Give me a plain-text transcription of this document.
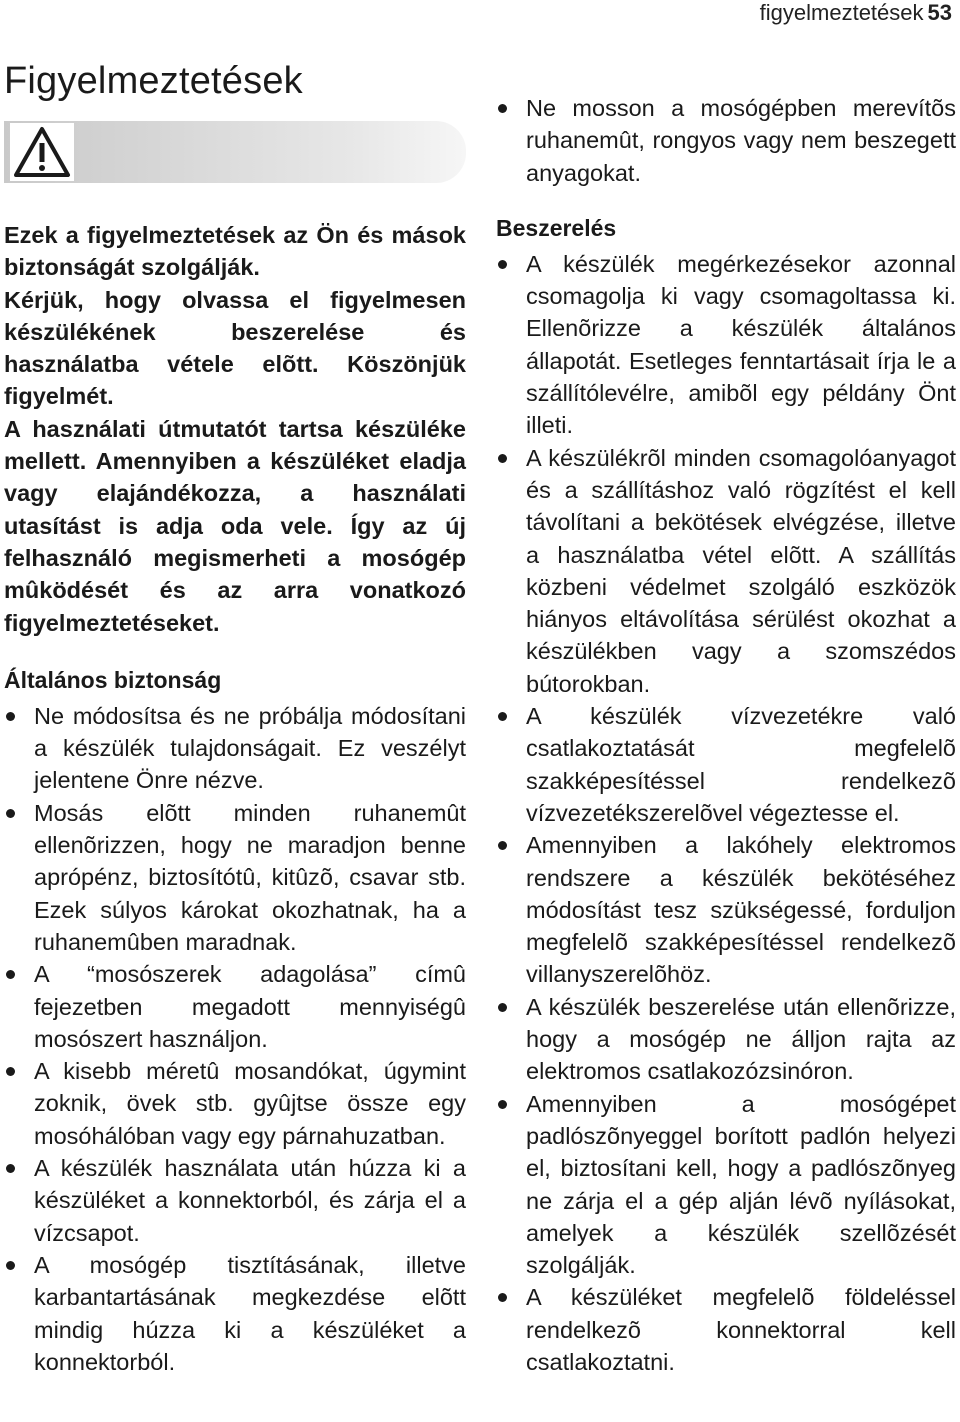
figyelmeztetések 53
Figyelmeztetések

Ezek a figyelmeztetések az Ön és mások biztonságát szolgálják.

Kérjük, hogy olvassa el figyelmesen készülékének beszerelése és használatba vétele elõtt. Köszönjük figyelmét.

A használati útmutatót tartsa készüléke mellett. Amennyiben a készüléket eladja vagy elajándékozza, a használati utasítást is adja oda vele. Így az új felhasználó megismerheti a mosógép mûködését és az arra vonatkozó figyelmeztetéseket.

Általános biztonság
Ne módosítsa és ne próbálja módosítani a készülék tulajdonságait. Ez veszélyt jelentene Önre nézve.
Mosás elõtt minden ruhanemût ellenõrizzen, hogy ne maradjon benne aprópénz, biztosítótû, kitûzõ, csavar stb. Ezek súlyos károkat okozhatnak, ha a ruhanemûben maradnak.
A “mosószerek adagolása” címû fejezetben megadott mennyiségû mosószert használjon.
A kisebb méretû mosandókat, úgymint zoknik, övek stb. gyûjtse össze egy mosóhálóban vagy egy párnahuzatban.
A készülék használata után húzza ki a készüléket a konnektorból, és zárja el a vízcsapot.
A mosógép tisztításának, illetve karbantartásának megkezdése elõtt mindig húzza ki a készüléket a konnektorból.
Ne mosson a mosógépben merevítõs ruhanemût, rongyos vagy nem beszegett anyagokat.
Beszerelés
A készülék megérkezésekor azonnal csomagolja ki vagy csomagoltassa ki. Ellenõrizze a készülék általános állapotát. Esetleges fenntartásait írja le a szállítólevélre, amibõl egy példány Önt illeti.
A készülékrõl minden csomagolóanyagot és a szállításhoz való rögzítést el kell távolítani a bekötések elvégzése, illetve a használatba vétel elõtt. A szállítás közbeni védelmet szolgáló eszközök hiányos eltávolítása sérülést okozhat a készülékben vagy a szomszédos bútorokban.
A készülék vízvezetékre való csatlakoztatását megfelelõ szakképesítéssel rendelkezõ vízvezetékszerelõvel végeztesse el.
Amennyiben a lakóhely elektromos rendszere a készülék bekötéséhez módosítást tesz szükségessé, forduljon megfelelõ szakképesítéssel rendelkezõ villanyszerelõhöz.
A készülék beszerelése után ellenõrizze, hogy a mosógép ne álljon rajta az elektromos csatlakozózsinóron.
Amennyiben a mosógépet padlószõnyeggel borított padlón helyezi el, biztosítani kell, hogy a padlószõnyeg ne zárja el a gép alján lévõ nyílásokat, amelyek a készülék szellõzését szolgálják.
A készüléket megfelelõ földeléssel rendelkezõ konnektorral kell csatlakoztatni.
